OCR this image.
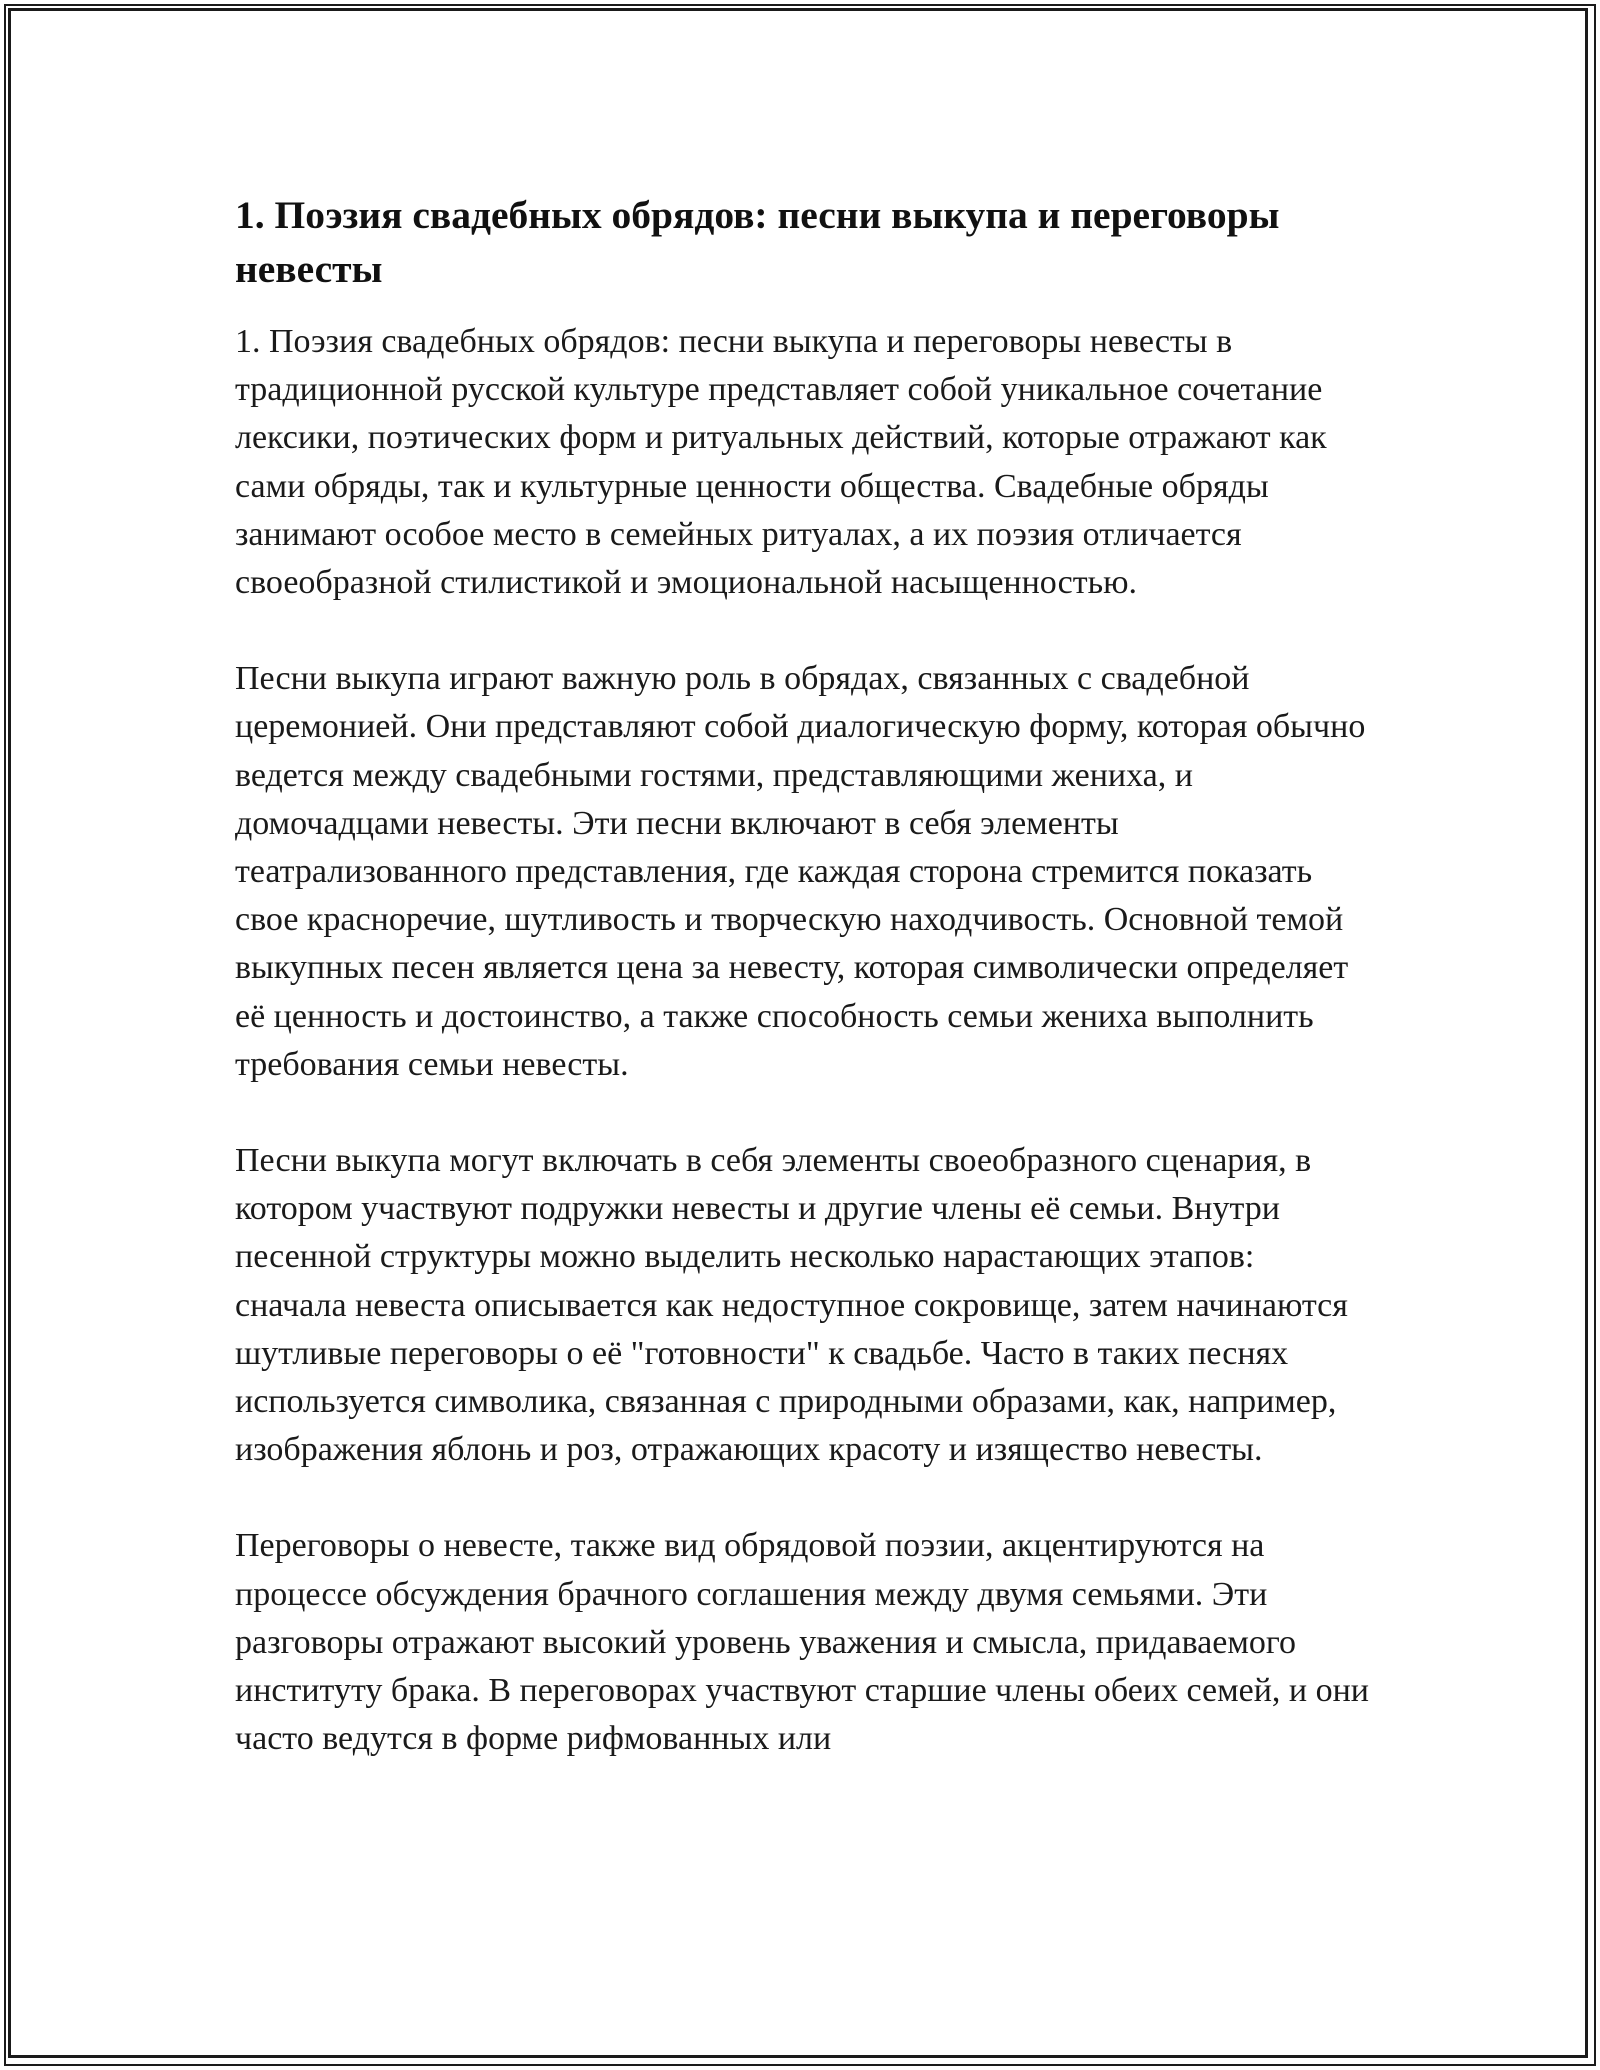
1. Поэзия свадебных обрядов: песни выкупа и переговоры невесты

1. Поэзия свадебных обрядов: песни выкупа и переговоры невесты в традиционной русской культуре представляет собой уникальное сочетание лексики, поэтических форм и ритуальных действий, которые отражают как сами обряды, так и культурные ценности общества. Свадебные обряды занимают особое место в семейных ритуалах, а их поэзия отличается своеобразной стилистикой и эмоциональной насыщенностью.

Песни выкупа играют важную роль в обрядах, связанных с свадебной церемонией. Они представляют собой диалогическую форму, которая обычно ведется между свадебными гостями, представляющими жениха, и домочадцами невесты. Эти песни включают в себя элементы театрализованного представления, где каждая сторона стремится показать свое красноречие, шутливость и творческую находчивость. Основной темой выкупных песен является цена за невесту, которая символически определяет её ценность и достоинство, а также способность семьи жениха выполнить требования семьи невесты.

Песни выкупа могут включать в себя элементы своеобразного сценария, в котором участвуют подружки невесты и другие члены её семьи. Внутри песенной структуры можно выделить несколько нарастающих этапов: сначала невеста описывается как недоступное сокровище, затем начинаются шутливые переговоры о её "готовности" к свадьбе. Часто в таких песнях используется символика, связанная с природными образами, как, например, изображения яблонь и роз, отражающих красоту и изящество невесты.

Переговоры о невесте, также вид обрядовой поэзии, акцентируются на процессе обсуждения брачного соглашения между двумя семьями. Эти разговоры отражают высокий уровень уважения и смысла, придаваемого институту брака. В переговорах участвуют старшие члены обеих семей, и они часто ведутся в форме рифмованных или
